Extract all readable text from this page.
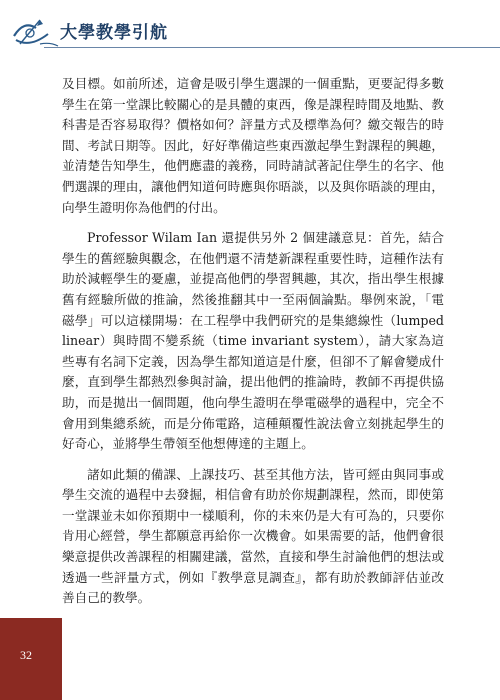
大學教學引航

及目標。如前所述，這會是吸引學生選課的一個重點，更要記得多數學生在第一堂課比較關心的是具體的東西，像是課程時間及地點、教科書是否容易取得？價格如何？評量方式及標準為何？繳交報告的時間、考試日期等。因此，好好準備這些東西激起學生對課程的興趣，並清楚告知學生，他們應盡的義務，同時請試著記住學生的名字、他們選課的理由，讓他們知道何時應與你晤談，以及與你晤談的理由，向學生證明你為他們的付出。

Professor Wilam Ian 還提供另外 2 個建議意見：首先，結合學生的舊經驗與觀念，在他們還不清楚新課程重要性時，這種作法有助於減輕學生的憂慮，並提高他們的學習興趣，其次，指出學生根據舊有經驗所做的推論，然後推翻其中一至兩個論點。舉例來說，「電磁學」可以這樣開場：在工程學中我們研究的是集總線性（lumped linear）與時間不變系統（time invariant system），請大家為這些專有名詞下定義，因為學生都知道這是什麼，但卻不了解會變成什麼，直到學生都熱烈參與討論，提出他們的推論時，教師不再提供協助，而是拋出一個問題，他向學生證明在學電磁學的過程中，完全不會用到集總系統，而是分佈電路，這種顛覆性說法會立刻挑起學生的好奇心，並將學生帶領至他想傳達的主題上。

諸如此類的備課、上課技巧、甚至其他方法，皆可經由與同事或學生交流的過程中去發掘，相信會有助於你規劃課程，然而，即使第一堂課並未如你預期中一樣順利，你的未來仍是大有可為的，只要你肯用心經營，學生都願意再給你一次機會。如果需要的話，他們會很樂意提供改善課程的相關建議，當然，直接和學生討論他們的想法或透過一些評量方式，例如『教學意見調查』，都有助於教師評估並改善自己的教學。

32
